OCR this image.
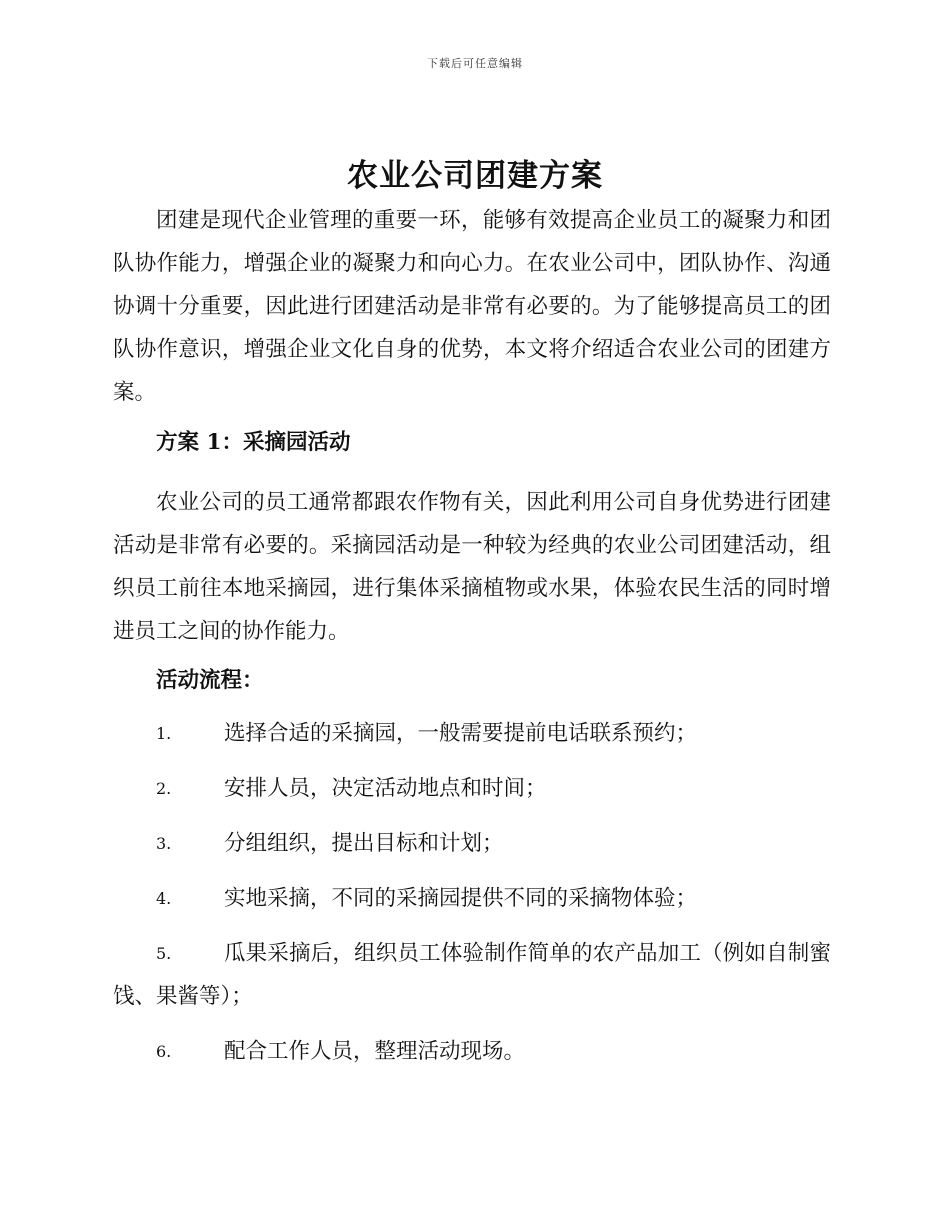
下载后可任意编辑
农业公司团建方案

团建是现代企业管理的重要一环，能够有效提高企业员工的凝聚力和团队协作能力，增强企业的凝聚力和向心力。在农业公司中，团队协作、沟通协调十分重要，因此进行团建活动是非常有必要的。为了能够提高员工的团队协作意识，增强企业文化自身的优势，本文将介绍适合农业公司的团建方案。

方案 1：采摘园活动

农业公司的员工通常都跟农作物有关，因此利用公司自身优势进行团建活动是非常有必要的。采摘园活动是一种较为经典的农业公司团建活动，组织员工前往本地采摘园，进行集体采摘植物或水果，体验农民生活的同时增进员工之间的协作能力。

活动流程：
1.	选择合适的采摘园，一般需要提前电话联系预约；
2.	安排人员，决定活动地点和时间；
3.	分组组织，提出目标和计划；
4.	实地采摘，不同的采摘园提供不同的采摘物体验；
5.	瓜果采摘后，组织员工体验制作简单的农产品加工（例如自制蜜饯、果酱等）；
6.	配合工作人员，整理活动现场。
